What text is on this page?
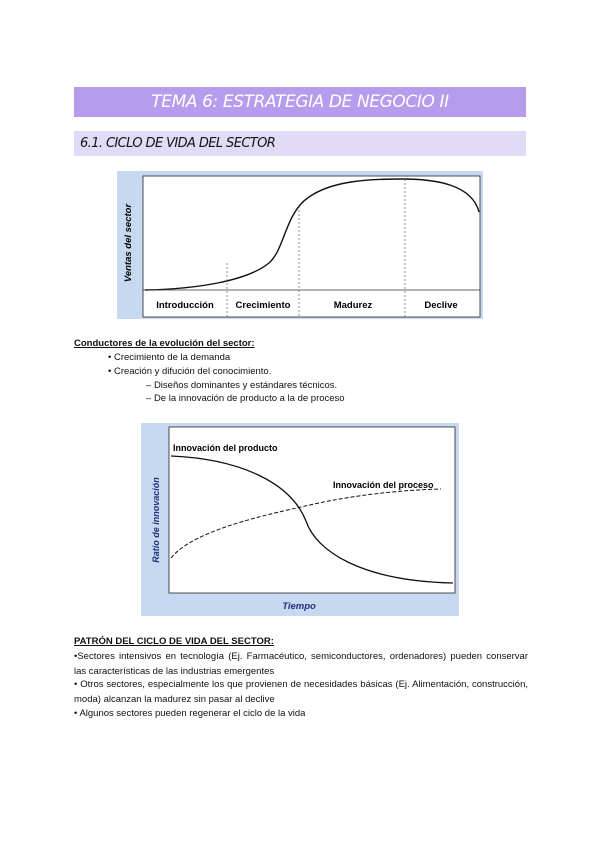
TEMA 6: ESTRATEGIA DE NEGOCIO II
6.1. CICLO DE VIDA DEL SECTOR
Introducción Crecimiento	Madurez	Declive
Ventas del sector
Conductores de la evolución del sector:
• Crecimiento de la demanda
• Creación y difución del conocimiento.
– Diseños dominantes y estándares técnicos.
– De la innovación de producto a la de proceso
Innovación del producto
Innovación del proceso
Tiempo
Ratio de innovación
PATRÓN DEL CICLO DE VIDA DEL SECTOR:
•Sectores intensivos en tecnología (Ej. Farmacéutico, semiconductores, ordenadores) pueden conservar las características de las industrias emergentes
• Otros sectores, especialmente los que provienen de necesidades básicas (Ej. Alimentación, construcción, moda) alcanzan la madurez sin pasar al declive
• Algunos sectores pueden regenerar el ciclo de la vida
